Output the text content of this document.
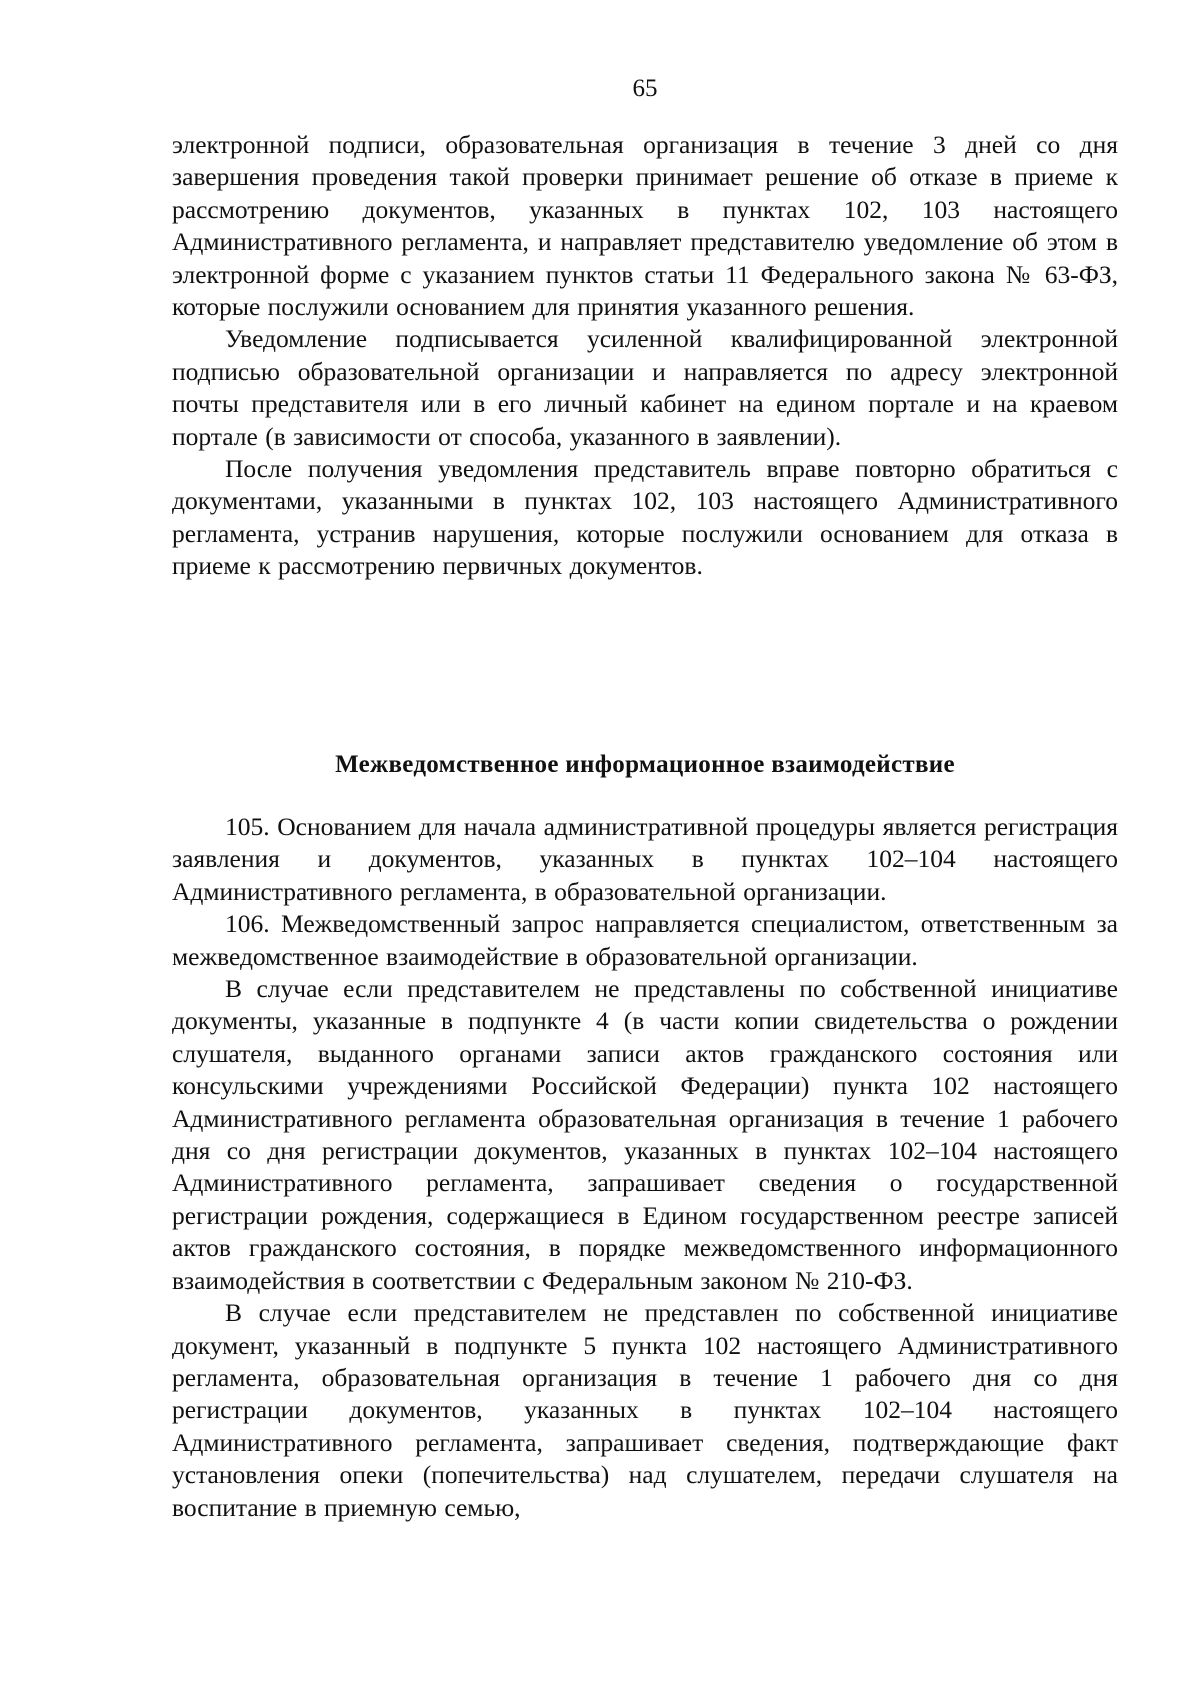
65

электронной подписи, образовательная организация в течение 3 дней со дня завершения проведения такой проверки принимает решение об отказе в приеме к рассмотрению документов, указанных в пунктах 102, 103 настоящего Административного регламента, и направляет представителю уведомление об этом в электронной форме с указанием пунктов статьи 11 Федерального закона № 63-ФЗ, которые послужили основанием для принятия указанного решения.

Уведомление подписывается усиленной квалифицированной электронной подписью образовательной организации и направляется по адресу электронной почты представителя или в его личный кабинет на едином портале и на краевом портале (в зависимости от способа, указанного в заявлении).

После получения уведомления представитель вправе повторно обратиться с документами, указанными в пунктах 102, 103 настоящего Административного регламента, устранив нарушения, которые послужили основанием для отказа в приеме к рассмотрению первичных документов.

Межведомственное информационное взаимодействие

105. Основанием для начала административной процедуры является регистрация заявления и документов, указанных в пунктах 102–104 настоящего Административного регламента, в образовательной организации.

106. Межведомственный запрос направляется специалистом, ответственным за межведомственное взаимодействие в образовательной организации.

В случае если представителем не представлены по собственной инициативе документы, указанные в подпункте 4 (в части копии свидетельства о рождении слушателя, выданного органами записи актов гражданского состояния или консульскими учреждениями Российской Федерации) пункта 102 настоящего Административного регламента образовательная организация в течение 1 рабочего дня со дня регистрации документов, указанных в пунктах 102–104 настоящего Административного регламента, запрашивает сведения о государственной регистрации рождения, содержащиеся в Едином государственном реестре записей актов гражданского состояния, в порядке межведомственного информационного взаимодействия в соответствии с Федеральным законом № 210-ФЗ.

В случае если представителем не представлен по собственной инициативе документ, указанный в подпункте 5 пункта 102 настоящего Административного регламента, образовательная организация в течение 1 рабочего дня со дня регистрации документов, указанных в пунктах 102–104 настоящего Административного регламента, запрашивает сведения, подтверждающие факт установления опеки (попечительства) над слушателем, передачи слушателя на воспитание в приемную семью,
